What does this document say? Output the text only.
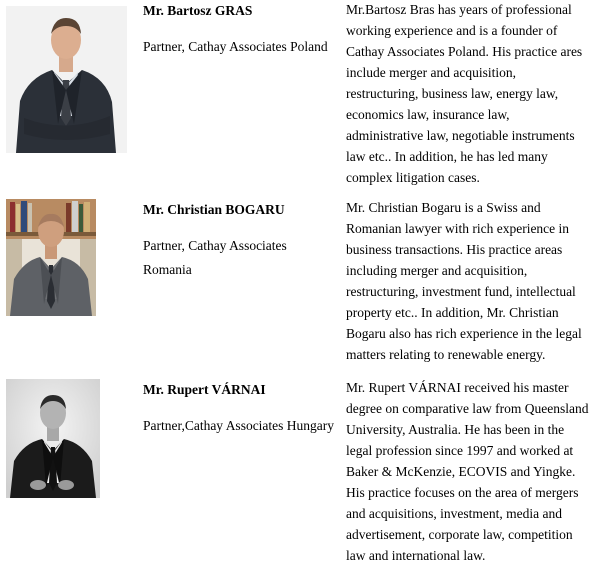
Mr. Bartosz GRAS
Partner, Cathay Associates Poland
Mr.Bartosz Bras has years of professional
working experience and is a founder of
Cathay Associates Poland. His practice ares
include merger and acquisition,
restructuring, business law, energy law,
economics law, insurance law,
administrative law, negotiable instruments
law etc.. In addition, he has led many
complex litigation cases.
Mr. Christian BOGARU
Partner, Cathay Associates
Romania
Mr. Christian Bogaru is a Swiss and
Romanian lawyer with rich experience in
business transactions. His practice areas
including merger and acquisition,
restructuring, investment fund, intellectual
property etc.. In addition, Mr. Christian
Bogaru also has rich experience in the legal
matters relating to renewable energy.
Mr. Rupert VÁRNAI
Partner,Cathay Associates Hungary
Mr. Rupert VÁRNAI received his master
degree on comparative law from Queensland
University, Australia. He has been in the
legal profession since 1997 and worked at
Baker & McKenzie, ECOVIS and Yingke.
His practice focuses on the area of mergers
and acquisitions, investment, media and
advertisement, corporate law, competition
law and international law.
